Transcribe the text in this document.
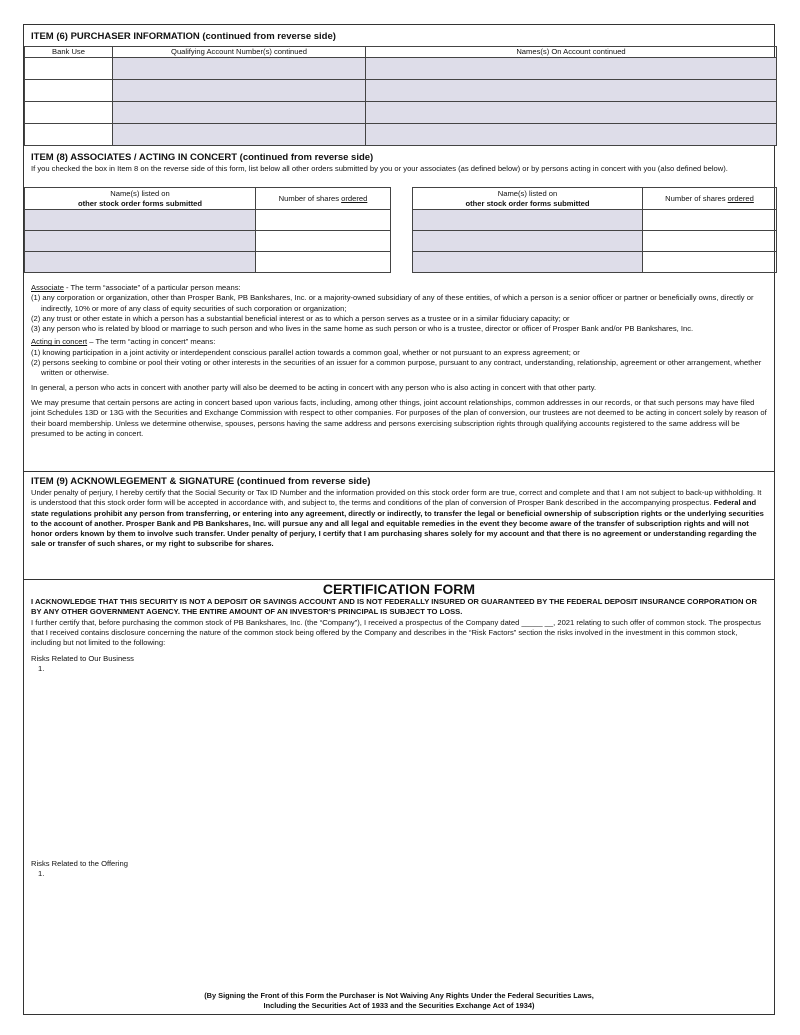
ITEM (6) PURCHASER INFORMATION (continued from reverse side)
Bank Use	Qualifying Account Number(s) continued	Names(s) On Account continued

ITEM (8) ASSOCIATES / ACTING IN CONCERT (continued from reverse side)

If you checked the box in Item 8 on the reverse side of this form, list below all other orders submitted by you or your associates (as defined below) or by persons acting in concert with you (also defined below).

Name(s) listed on
other stock order forms submitted	Number of shares ordered

Name(s) listed on
other stock order forms submitted	Number of shares ordered

Associate - The term “associate” of a particular person means:

(1) any corporation or organization, other than Prosper Bank, PB Bankshares, Inc. or a majority-owned subsidiary of any of these entities, of which a person is a senior officer or partner or beneficially owns, directly or indirectly, 10% or more of any class of equity securities of such corporation or organization;

(2) any trust or other estate in which a person has a substantial beneficial interest or as to which a person serves as a trustee or in a similar fiduciary capacity; or

(3) any person who is related by blood or marriage to such person and who lives in the same home as such person or who is a trustee, director or officer of Prosper Bank and/or PB Bankshares, Inc.

Acting in concert – The term “acting in concert” means:

(1) knowing participation in a joint activity or interdependent conscious parallel action towards a common goal, whether or not pursuant to an express agreement; or

(2) persons seeking to combine or pool their voting or other interests in the securities of an issuer for a common purpose, pursuant to any contract, understanding, relationship, agreement or other arrangement, whether written or otherwise.

In general, a person who acts in concert with another party will also be deemed to be acting in concert with any person who is also acting in concert with that other party.

We may presume that certain persons are acting in concert based upon various facts, including, among other things, joint account relationships, common addresses in our records, or that such persons may have filed joint Schedules 13D or 13G with the Securities and Exchange Commission with respect to other companies. For purposes of the plan of conversion, our trustees are not deemed to be acting in concert solely by reason of their board membership. Unless we determine otherwise, spouses, persons having the same address and persons exercising subscription rights through qualifying accounts registered to the same address will be presumed to be acting in concert.

ITEM (9) ACKNOWLEGEMENT & SIGNATURE (continued from reverse side)

Under penalty of perjury, I hereby certify that the Social Security or Tax ID Number and the information provided on this stock order form are true, correct and complete and that I am not subject to back-up withholding. It is understood that this stock order form will be accepted in accordance with, and subject to, the terms and conditions of the plan of conversion of Prosper Bank described in the accompanying prospectus. Federal and state regulations prohibit any person from transferring, or entering into any agreement, directly or indirectly, to transfer the legal or beneficial ownership of subscription rights or the underlying securities to the account of another. Prosper Bank and PB Bankshares, Inc. will pursue any and all legal and equitable remedies in the event they become aware of the transfer of subscription rights and will not honor orders known by them to involve such transfer. Under penalty of perjury, I certify that I am purchasing shares solely for my account and that there is no agreement or understanding regarding the sale or transfer of such shares, or my right to subscribe for shares.

CERTIFICATION FORM

I ACKNOWLEDGE THAT THIS SECURITY IS NOT A DEPOSIT OR SAVINGS ACCOUNT AND IS NOT FEDERALLY INSURED OR GUARANTEED BY THE FEDERAL DEPOSIT INSURANCE CORPORATION OR BY ANY OTHER GOVERNMENT AGENCY. THE ENTIRE AMOUNT OF AN INVESTOR’S PRINCIPAL IS SUBJECT TO LOSS.

I further certify that, before purchasing the common stock of PB Bankshares, Inc. (the “Company”), I received a prospectus of the Company dated _____ __, 2021 relating to such offer of common stock. The prospectus that I received contains disclosure concerning the nature of the common stock being offered by the Company and describes in the “Risk Factors” section the risks involved in the investment in this common stock, including but not limited to the following:

Risks Related to Our Business
1.
Risks Related to the Offering
1.
(By Signing the Front of this Form the Purchaser is Not Waiving Any Rights Under the Federal Securities Laws,
Including the Securities Act of 1933 and the Securities Exchange Act of 1934)
